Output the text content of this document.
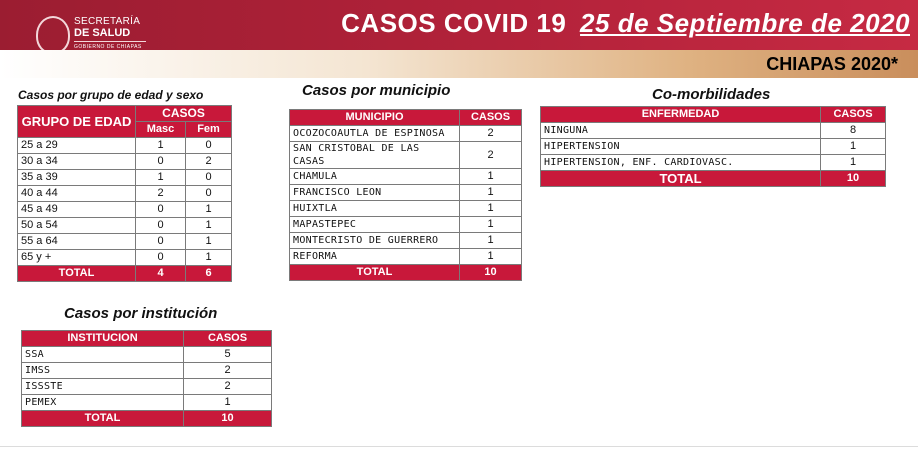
SECRETARÍA
DE SALUD
GOBIERNO DE CHIAPAS
CASOS COVID 19 25 de Septiembre de 2020
CHIAPAS 2020*
Casos por grupo de edad y sexo
GRUPO DE EDAD	CASOS	
	Masc	Fem
25 a 29	1	0
30 a 34	0	2
35 a 39	1	0
40 a 44	2	0
45 a 49	0	1
50 a 54	0	1
55 a 64	0	1
65 y +	0	1
TOTAL	4	6
Casos por municipio
MUNICIPIO	CASOS
OCOZOCOAUTLA DE ESPINOSA	2
SAN CRISTOBAL DE LAS CASAS	2
CHAMULA	1
FRANCISCO LEON	1
HUIXTLA	1
MAPASTEPEC	1
MONTECRISTO DE GUERRERO	1
REFORMA	1
TOTAL	10
Co-morbilidades
ENFERMEDAD	CASOS
NINGUNA	8
HIPERTENSION	1
HIPERTENSION, ENF. CARDIOVASC.	1
TOTAL	10
Casos por institución
INSTITUCION	CASOS
SSA	5
IMSS	2
ISSSTE	2
PEMEX	1
TOTAL	10
